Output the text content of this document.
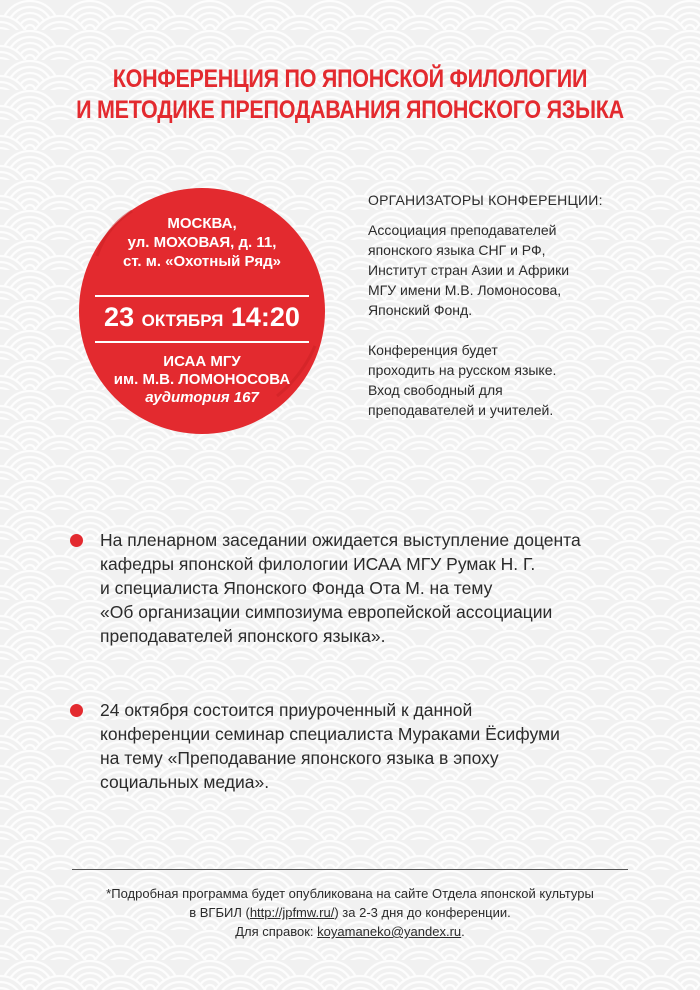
КОНФЕРЕНЦИЯ ПО ЯПОНСКОЙ ФИЛОЛОГИИ
И МЕТОДИКЕ ПРЕПОДАВАНИЯ ЯПОНСКОГО ЯЗЫКА
МОСКВА,
ул. МОХОВАЯ, д. 11,
ст. м. «Охотный Ряд»
23 ОКТЯБРЯ 14:20
ИСАА МГУ
им. М.В. ЛОМОНОСОВА
аудитория 167
ОРГАНИЗАТОРЫ КОНФЕРЕНЦИИ:
Ассоциация преподавателей
японского языка СНГ и РФ,
Институт стран Азии и Африки
МГУ имени М.В. Ломоносова,
Японский Фонд.
Конференция будет
проходить на русском языке.
Вход свободный для
преподавателей и учителей.
На пленарном заседании ожидается выступление доцента
кафедры японской филологии ИСАА МГУ Румак Н. Г.
и специалиста Японского Фонда Ота М. на тему
«Об организации симпозиума европейской ассоциации
преподавателей японского языка».
24 октября состоится приуроченный к данной
конференции семинар специалиста Мураками Ёсифуми
на тему «Преподавание японского языка в эпоху
социальных медиа».
*Подробная программа будет опубликована на сайте Отдела японской культуры
в ВГБИЛ (http://jpfmw.ru/) за 2-3 дня до конференции.
Для справок: koyamaneko@yandex.ru.
